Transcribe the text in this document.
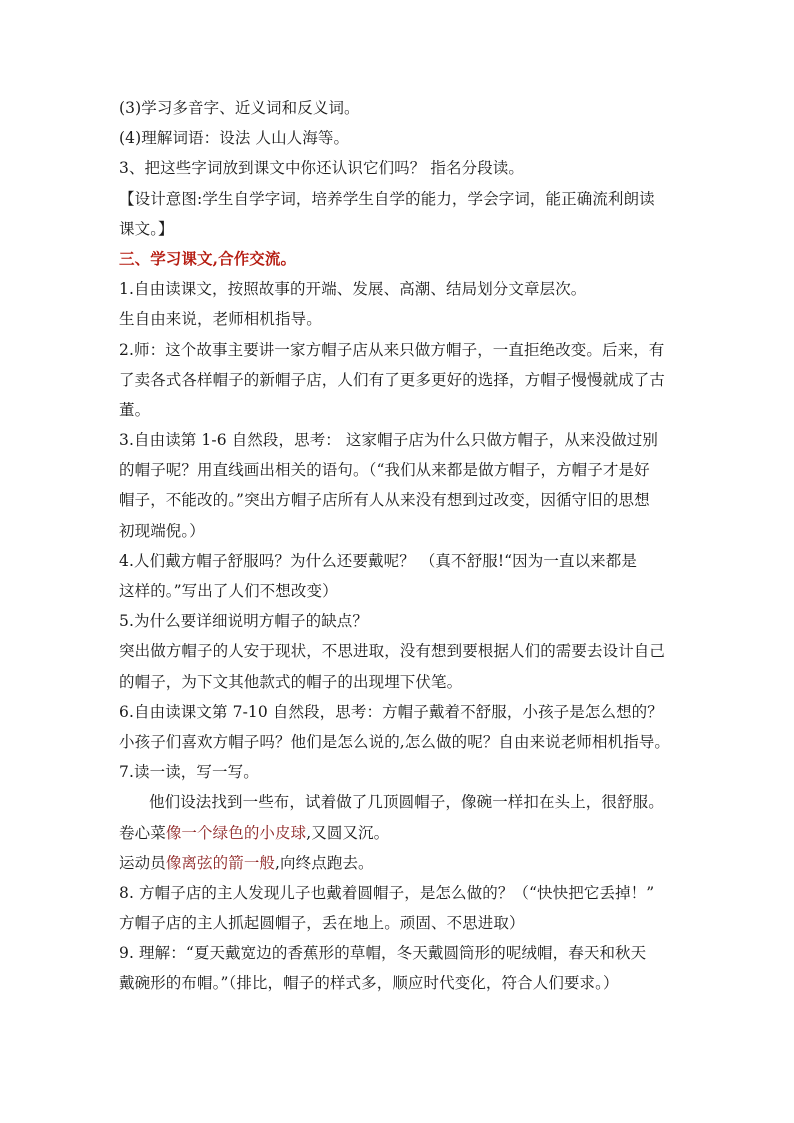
(3)学习多音字、近义词和反义词。
(4)理解词语：设法 人山人海等。
3、把这些字词放到课文中你还认识它们吗？ 指名分段读。
【设计意图:学生自学字词，培养学生自学的能力，学会字词，能正确流利朗读
课文。】
三、学习课文,合作交流。
1.自由读课文，按照故事的开端、发展、高潮、结局划分文章层次。
生自由来说，老师相机指导。
2.师：这个故事主要讲一家方帽子店从来只做方帽子，一直拒绝改变。后来，有
了卖各式各样帽子的新帽子店，人们有了更多更好的选择，方帽子慢慢就成了古
董。
3.自由读第 1-6 自然段，思考： 这家帽子店为什么只做方帽子，从来没做过别
的帽子呢？用直线画出相关的语句。（“我们从来都是做方帽子，方帽子才是好
帽子，不能改的。”突出方帽子店所有人从来没有想到过改变，因循守旧的思想
初现端倪。）
4.人们戴方帽子舒服吗？为什么还要戴呢？ （真不舒服!“因为一直以来都是
这样的。”写出了人们不想改变）
5.为什么要详细说明方帽子的缺点？
突出做方帽子的人安于现状，不思进取，没有想到要根据人们的需要去设计自己
的帽子，为下文其他款式的帽子的出现埋下伏笔。
6.自由读课文第 7-10 自然段，思考：方帽子戴着不舒服，小孩子是怎么想的？
小孩子们喜欢方帽子吗？他们是怎么说的,怎么做的呢？自由来说老师相机指导。
7.读一读，写一写。
他们设法找到一些布，试着做了几顶圆帽子，像碗一样扣在头上，很舒服。
卷心菜像一个绿色的小皮球,又圆又沉。
运动员像离弦的箭一般,向终点跑去。
8. 方帽子店的主人发现儿子也戴着圆帽子，是怎么做的？（“快快把它丢掉！”
方帽子店的主人抓起圆帽子，丢在地上。顽固、不思进取）
9. 理解：“夏天戴宽边的香蕉形的草帽，冬天戴圆筒形的呢绒帽，春天和秋天
戴碗形的布帽。”（排比，帽子的样式多，顺应时代变化，符合人们要求。）
